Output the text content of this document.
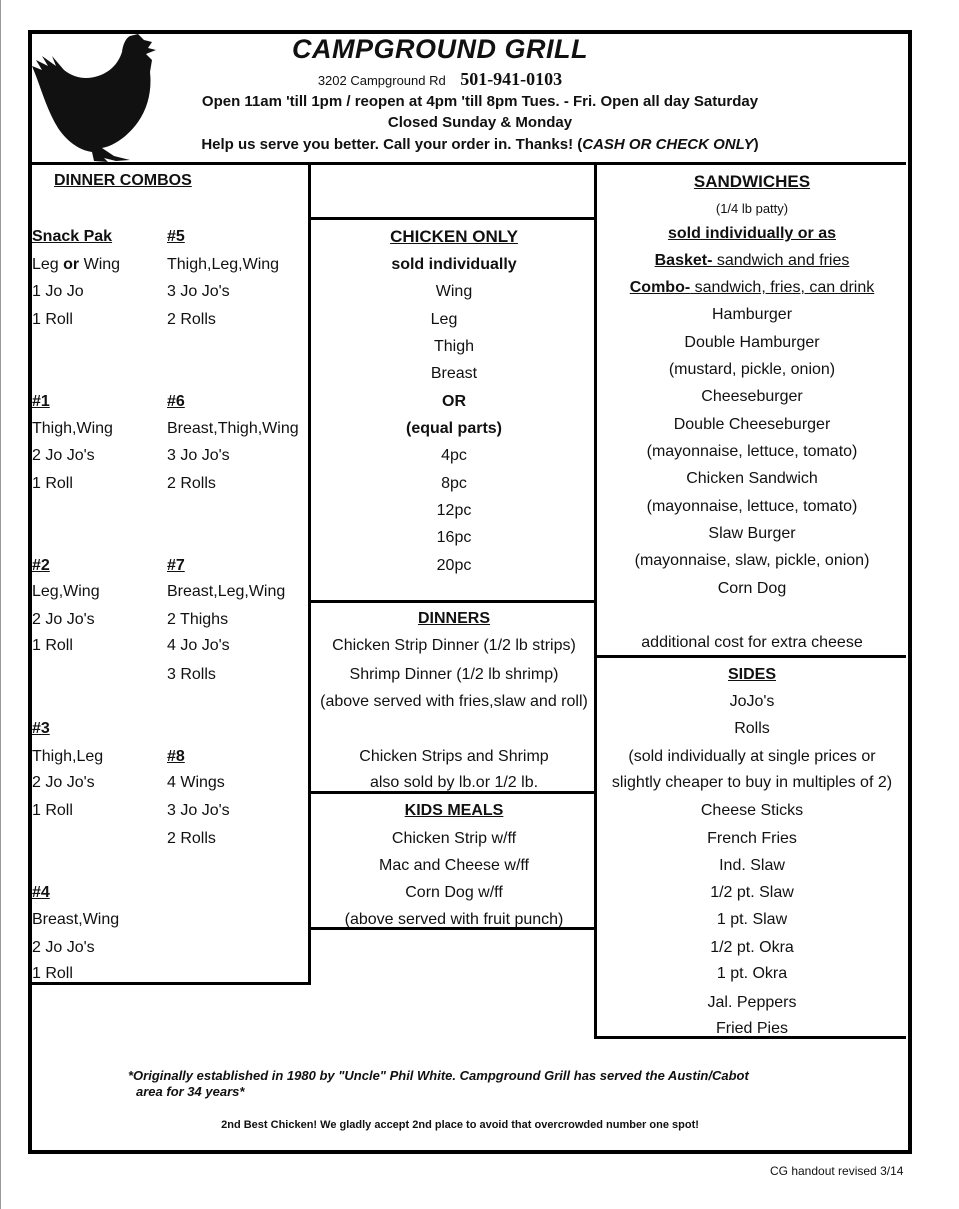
CAMPGROUND GRILL
3202 Campground Rd 501-941-0103
Open 11am 'till 1pm / reopen at 4pm 'till 8pm Tues. - Fri. Open all day Saturday
Closed Sunday & Monday
Help us serve you better. Call your order in. Thanks! (CASH OR CHECK ONLY)
DINNER COMBOS
Snack Pak
Leg or Wing
1 Jo Jo
1 Roll
#1
Thigh,Wing
2 Jo Jo's
1 Roll
#2
Leg,Wing
2 Jo Jo's
1 Roll
#3
Thigh,Leg
2 Jo Jo's
1 Roll
#4
Breast,Wing
2 Jo Jo's
1 Roll
#5
Thigh,Leg,Wing
3 Jo Jo's
2 Rolls
#6
Breast,Thigh,Wing
3 Jo Jo's
2 Rolls
#7
Breast,Leg,Wing
2 Thighs
4 Jo Jo's
3 Rolls
#8
4 Wings
3 Jo Jo's
2 Rolls
CHICKEN ONLY
sold individually
Wing
Leg
Thigh
Breast
OR
(equal parts)
4pc
8pc
12pc
16pc
20pc
DINNERS
Chicken Strip Dinner (1/2 lb strips)
Shrimp Dinner (1/2 lb shrimp)
(above served with fries,slaw and roll)
Chicken Strips and Shrimp
also sold by lb.or 1/2 lb.
KIDS MEALS
Chicken Strip w/ff
Mac and Cheese w/ff
Corn Dog w/ff
(above served with fruit punch)
SANDWICHES
(1/4 lb patty)
sold individually or as
Basket- sandwich and fries
Combo- sandwich, fries, can drink
Hamburger
Double Hamburger
(mustard, pickle, onion)
Cheeseburger
Double Cheeseburger
(mayonnaise, lettuce, tomato)
Chicken Sandwich
(mayonnaise, lettuce, tomato)
Slaw Burger
(mayonnaise, slaw, pickle, onion)
Corn Dog
additional cost for extra cheese
SIDES
JoJo's
Rolls
(sold individually at single prices or
slightly cheaper to buy in multiples of 2)
Cheese Sticks
French Fries
Ind. Slaw
1/2 pt. Slaw
1 pt. Slaw
1/2 pt. Okra
1 pt. Okra
Jal. Peppers
Fried Pies
*Originally established in 1980 by "Uncle" Phil White. Campground Grill has served the Austin/Cabot
area for 34 years*
2nd Best Chicken! We gladly accept 2nd place to avoid that overcrowded number one spot!
CG handout revised 3/14
